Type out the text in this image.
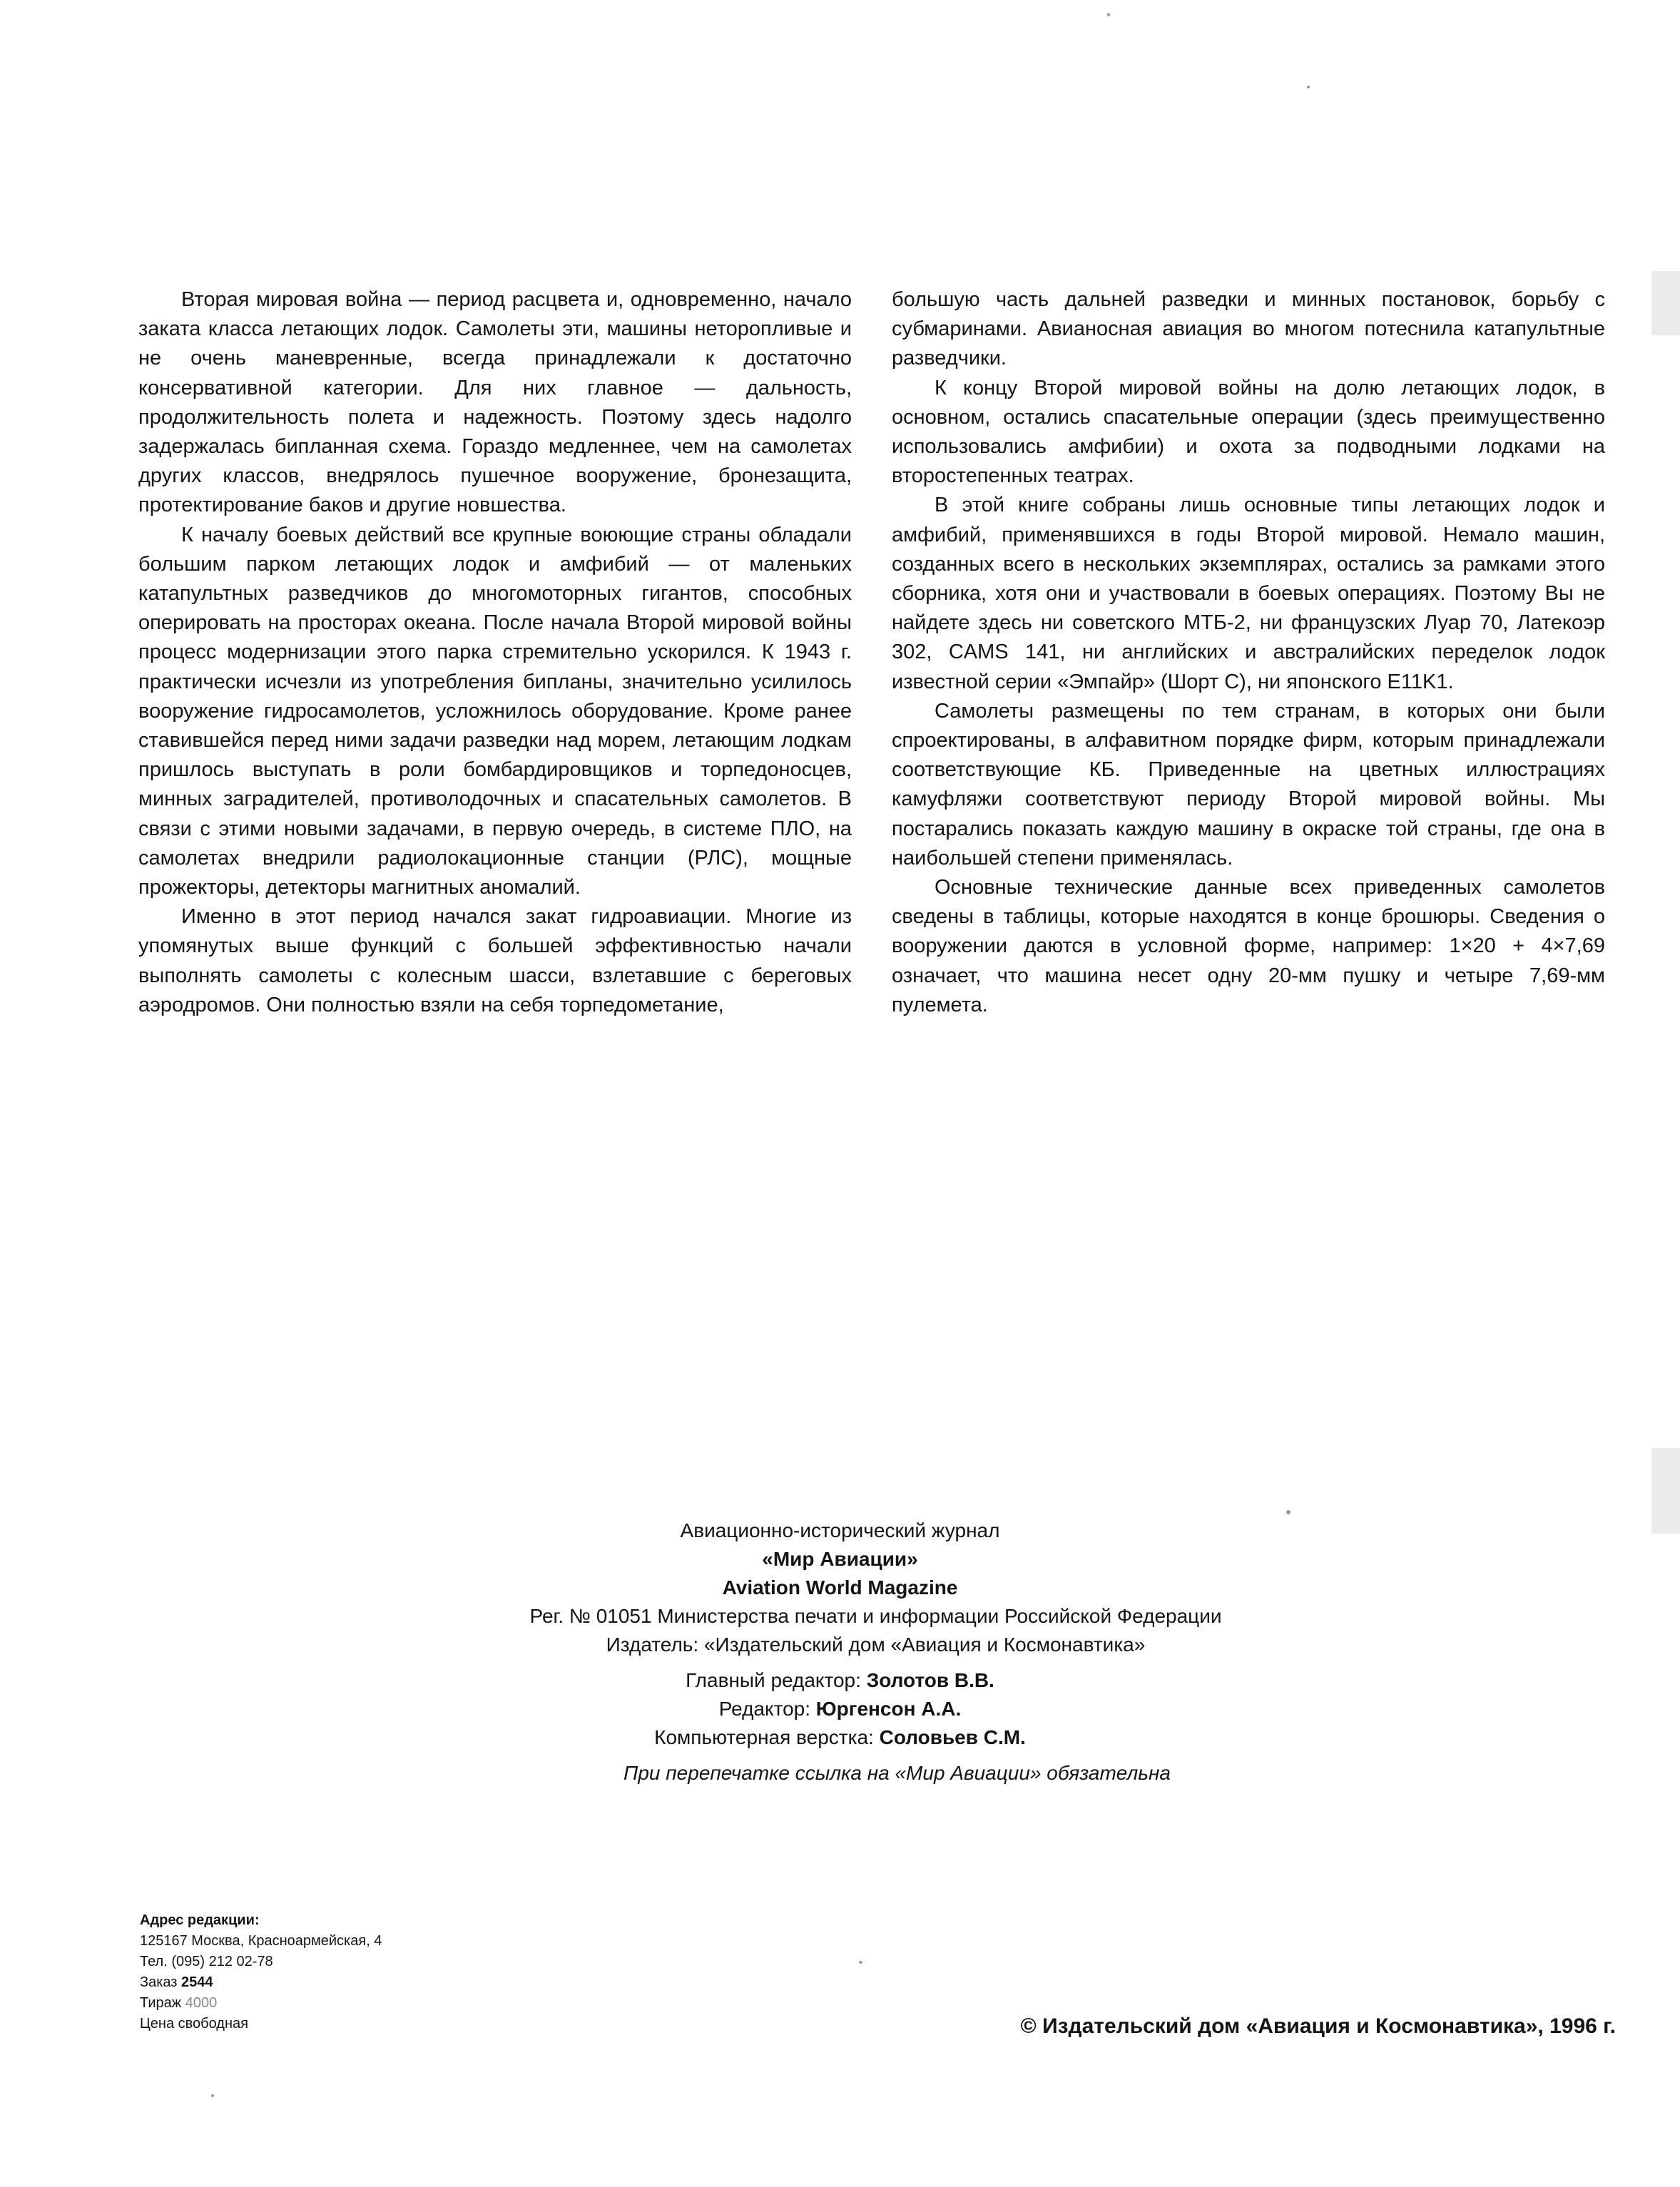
Вторая мировая война — период расцвета и, одновременно, начало заката класса летающих лодок. Самолеты эти, машины неторопливые и не очень маневренные, всегда принадлежали к достаточно консервативной категории. Для них главное — дальность, продолжительность полета и надежность. Поэтому здесь надолго задержалась бипланная схема. Гораздо медленнее, чем на самолетах других классов, внедрялось пушечное вооружение, бронезащита, протектирование баков и другие новшества.

К началу боевых действий все крупные воюющие страны обладали большим парком летающих лодок и амфибий — от маленьких катапультных разведчиков до многомоторных гигантов, способных оперировать на просторах океана. После начала Второй мировой войны процесс модернизации этого парка стремительно ускорился. К 1943 г. практически исчезли из употребления бипланы, значительно усилилось вооружение гидросамолетов, усложнилось оборудование. Кроме ранее ставившейся перед ними задачи разведки над морем, летающим лодкам пришлось выступать в роли бомбардировщиков и торпедоносцев, минных заградителей, противолодочных и спасательных самолетов. В связи с этими новыми задачами, в первую очередь, в системе ПЛО, на самолетах внедрили радиолокационные станции (РЛС), мощные прожекторы, детекторы магнитных аномалий.

Именно в этот период начался закат гидроавиации. Многие из упомянутых выше функций с большей эффективностью начали выполнять самолеты с колесным шасси, взлетавшие с береговых аэродромов. Они полностью взяли на себя торпедометание,

большую часть дальней разведки и минных постановок, борьбу с субмаринами. Авианосная авиация во многом потеснила катапультные разведчики.

К концу Второй мировой войны на долю летающих лодок, в основном, остались спасательные операции (здесь преимущественно использовались амфибии) и охота за подводными лодками на второстепенных театрах.

В этой книге собраны лишь основные типы летающих лодок и амфибий, применявшихся в годы Второй мировой. Немало машин, созданных всего в нескольких экземплярах, остались за рамками этого сборника, хотя они и участвовали в боевых операциях. Поэтому Вы не найдете здесь ни советского МТБ-2, ни французских Луар 70, Латекоэр 302, CAMS 141, ни английских и австралийских переделок лодок известной серии «Эмпайр» (Шорт С), ни японского E11K1.

Самолеты размещены по тем странам, в которых они были спроектированы, в алфавитном порядке фирм, которым принадлежали соответствующие КБ. Приведенные на цветных иллюстрациях камуфляжи соответствуют периоду Второй мировой войны. Мы постарались показать каждую машину в окраске той страны, где она в наибольшей степени применялась.

Основные технические данные всех приведенных самолетов сведены в таблицы, которые находятся в конце брошюры. Сведения о вооружении даются в условной форме, например: 1×20 + 4×7,69 означает, что машина несет одну 20-мм пушку и четыре 7,69-мм пулемета.

Авиационно-исторический журнал
«Мир Авиации»
Aviation World Magazine
Рег. № 01051 Министерства печати и информации Российской Федерации
Издатель: «Издательский дом «Авиация и Космонавтика»
Главный редактор: Золотов В.В.
Редактор: Юргенсон А.А.
Компьютерная верстка: Соловьев С.М.
При перепечатке ссылка на «Мир Авиации» обязательна
Адрес редакции:
125167 Москва, Красноармейская, 4
Тел. (095) 212 02-78
Заказ 2544
Тираж 4000
Цена свободная	© Издательский дом «Авиация и Космонавтика», 1996 г.
